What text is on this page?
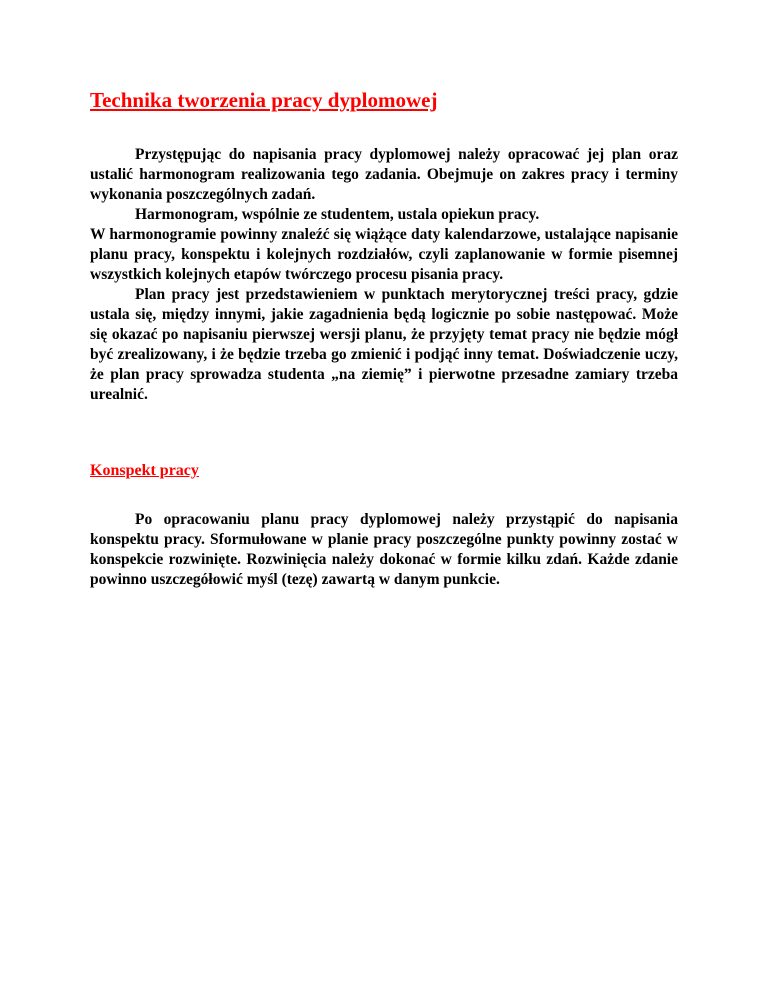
Technika tworzenia pracy dyplomowej

Przystępując do napisania pracy dyplomowej należy opracować jej plan oraz ustalić harmonogram realizowania tego zadania. Obejmuje on zakres pracy i terminy wykonania poszczególnych zadań.

Harmonogram, wspólnie ze studentem, ustala opiekun pracy.

W harmonogramie powinny znaleźć się wiążące daty kalendarzowe, ustalające napisanie planu pracy, konspektu i kolejnych rozdziałów, czyli zaplanowanie w formie pisemnej wszystkich kolejnych etapów twórczego procesu pisania pracy.

Plan pracy jest przedstawieniem w punktach merytorycznej treści pracy, gdzie ustala się, między innymi, jakie zagadnienia będą logicznie po sobie następować. Może się okazać po napisaniu pierwszej wersji planu, że przyjęty temat pracy nie będzie mógł być zrealizowany, i że będzie trzeba go zmienić i podjąć inny temat. Doświadczenie uczy, że plan pracy sprowadza studenta „na ziemię” i pierwotne przesadne zamiary trzeba urealnić.

Konspekt pracy

Po opracowaniu planu pracy dyplomowej należy przystąpić do napisania konspektu pracy. Sformułowane w planie pracy poszczególne punkty powinny zostać w konspekcie rozwinięte. Rozwinięcia należy dokonać w formie kilku zdań. Każde zdanie powinno uszczegółowić myśl (tezę) zawartą w danym punkcie.
